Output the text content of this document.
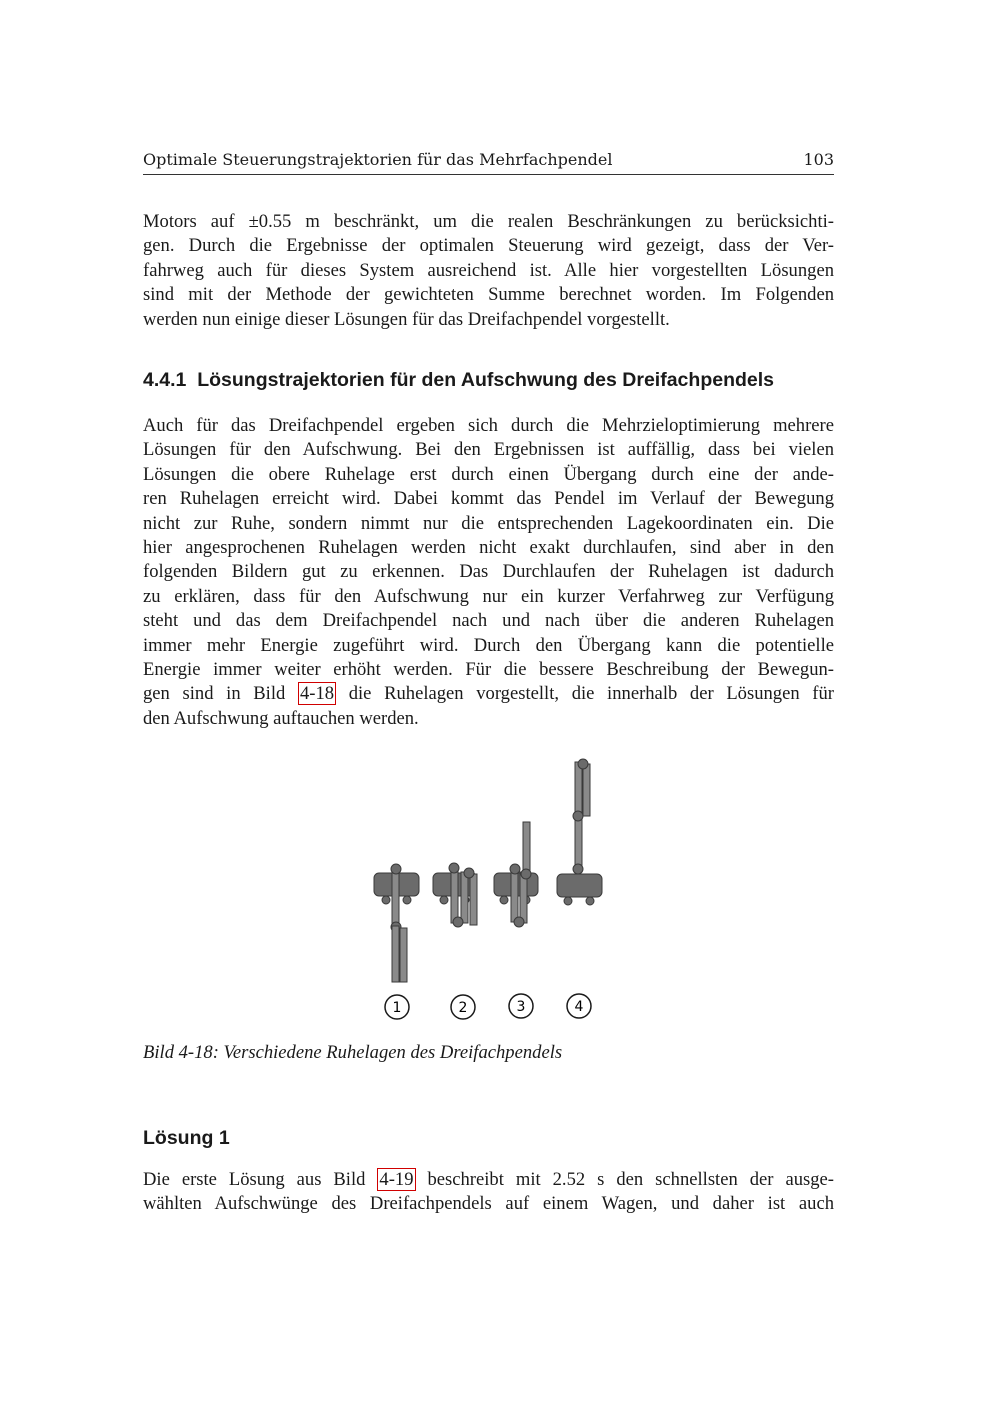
Optimale Steuerungstrajektorien für das Mehrfachpendel	103
Motors auf ±0.55 m beschränkt, um die realen Beschränkungen zu berücksichti-
gen. Durch die Ergebnisse der optimalen Steuerung wird gezeigt, dass der Ver-
fahrweg auch für dieses System ausreichend ist. Alle hier vorgestellten Lösungen
sind mit der Methode der gewichteten Summe berechnet worden. Im Folgenden
werden nun einige dieser Lösungen für das Dreifachpendel vorgestellt.
4.4.1 Lösungstrajektorien für den Aufschwung des Dreifachpendels
Auch für das Dreifachpendel ergeben sich durch die Mehrzieloptimierung mehrere
Lösungen für den Aufschwung. Bei den Ergebnissen ist auffällig, dass bei vielen
Lösungen die obere Ruhelage erst durch einen Übergang durch eine der ande-
ren Ruhelagen erreicht wird. Dabei kommt das Pendel im Verlauf der Bewegung
nicht zur Ruhe, sondern nimmt nur die entsprechenden Lagekoordinaten ein. Die
hier angesprochenen Ruhelagen werden nicht exakt durchlaufen, sind aber in den
folgenden Bildern gut zu erkennen. Das Durchlaufen der Ruhelagen ist dadurch
zu erklären, dass für den Aufschwung nur ein kurzer Verfahrweg zur Verfügung
steht und das dem Dreifachpendel nach und nach über die anderen Ruhelagen
immer mehr Energie zugeführt wird. Durch den Übergang kann die potentielle
Energie immer weiter erhöht werden. Für die bessere Beschreibung der Bewegun-
gen sind in Bild 4-18 die Ruhelagen vorgestellt, die innerhalb der Lösungen für
den Aufschwung auftauchen werden.
1	2	3	4
Bild 4-18: Verschiedene Ruhelagen des Dreifachpendels
Lösung 1
Die erste Lösung aus Bild 4-19 beschreibt mit 2.52 s den schnellsten der ausge-
wählten Aufschwünge des Dreifachpendels auf einem Wagen, und daher ist auch
